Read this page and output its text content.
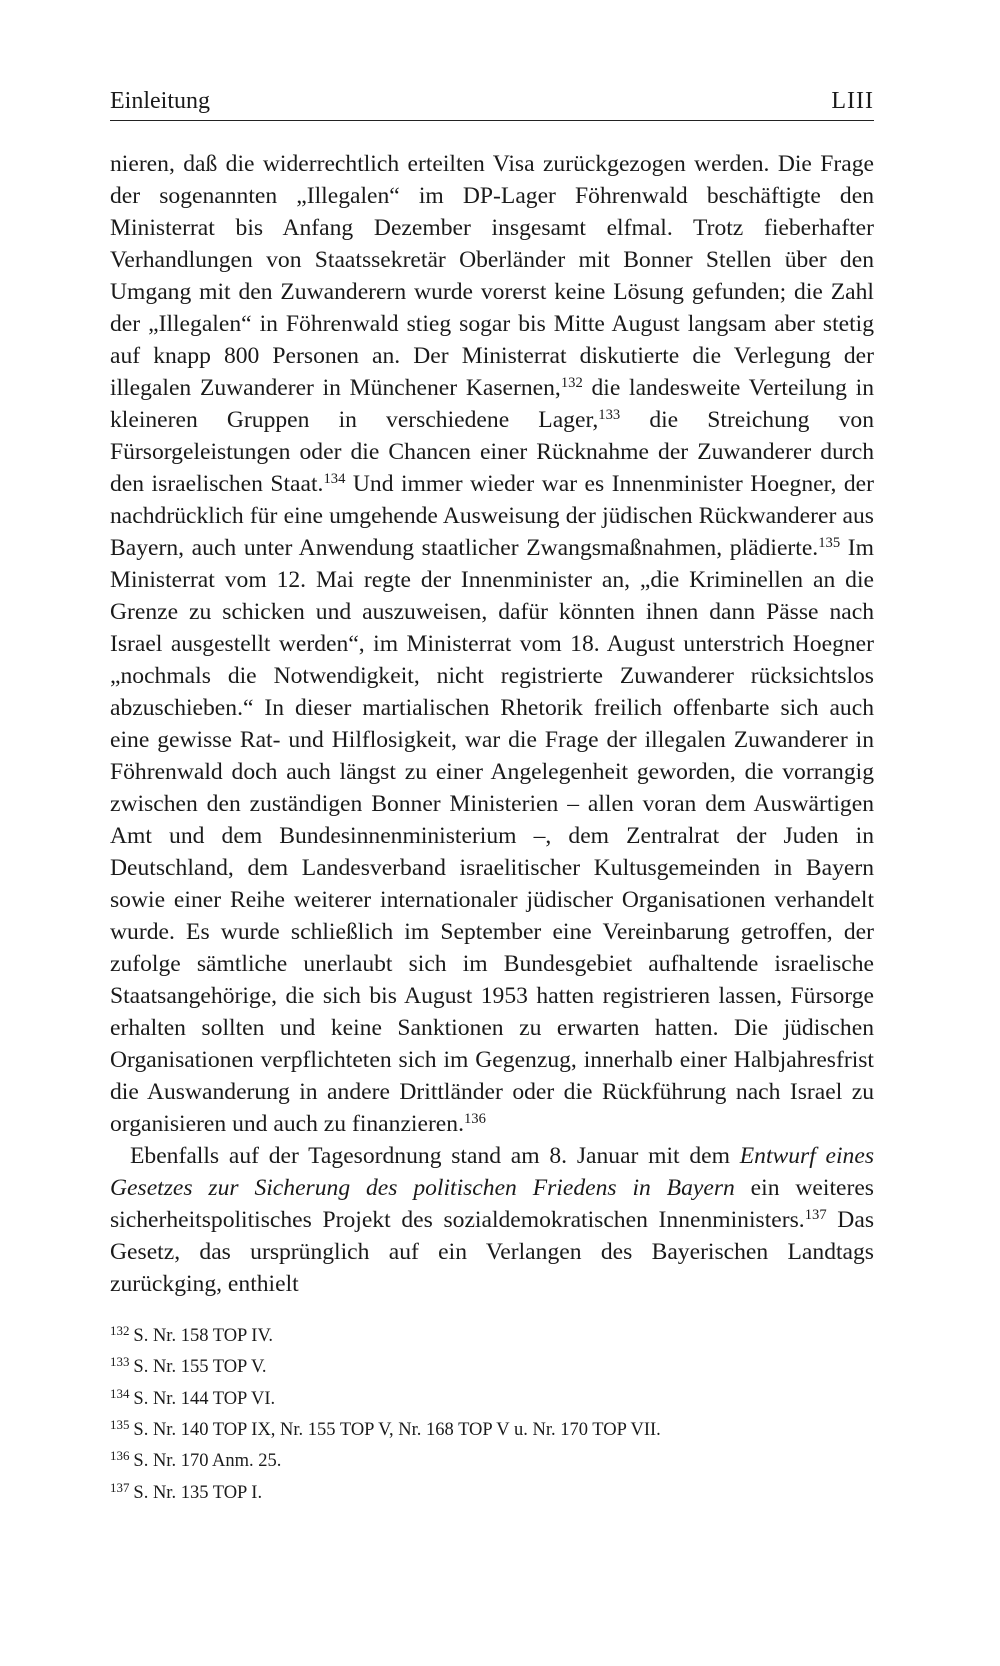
Einleitung	LIII

nieren, daß die widerrechtlich erteilten Visa zurückgezogen werden. Die Frage der sogenannten „Illegalen“ im DP-Lager Föhrenwald beschäftigte den Ministerrat bis Anfang Dezember insgesamt elfmal. Trotz fieberhafter Verhandlungen von Staatssekretär Oberländer mit Bonner Stellen über den Umgang mit den Zuwanderern wurde vorerst keine Lösung gefunden; die Zahl der „Illegalen“ in Föhrenwald stieg sogar bis Mitte August langsam aber stetig auf knapp 800 Personen an. Der Ministerrat diskutierte die Verlegung der illegalen Zuwanderer in Münchener Kasernen,$^{132}$ die landesweite Verteilung in kleineren Gruppen in verschiedene Lager,$^{133}$ die Streichung von Fürsorgeleistungen oder die Chancen einer Rücknahme der Zuwanderer durch den israelischen Staat.$^{134}$ Und immer wieder war es Innenminister Hoegner, der nachdrücklich für eine umgehende Ausweisung der jüdischen Rückwanderer aus Bayern, auch unter Anwendung staatlicher Zwangsmaßnahmen, plädierte.$^{135}$ Im Ministerrat vom 12. Mai regte der Innenminister an, „die Kriminellen an die Grenze zu schicken und auszuweisen, dafür könnten ihnen dann Pässe nach Israel ausgestellt werden“, im Ministerrat vom 18. August unterstrich Hoegner „nochmals die Notwendigkeit, nicht registrierte Zuwanderer rücksichtslos abzuschieben.“ In dieser martialischen Rhetorik freilich offenbarte sich auch eine gewisse Rat- und Hilflosigkeit, war die Frage der illegalen Zuwanderer in Föhrenwald doch auch längst zu einer Angelegenheit geworden, die vorrangig zwischen den zuständigen Bonner Ministerien – allen voran dem Auswärtigen Amt und dem Bundesinnenministerium –, dem Zentralrat der Juden in Deutschland, dem Landesverband israelitischer Kultusgemeinden in Bayern sowie einer Reihe weiterer internationaler jüdischer Organisationen verhandelt wurde. Es wurde schließlich im September eine Vereinbarung getroffen, der zufolge sämtliche unerlaubt sich im Bundesgebiet aufhaltende israelische Staatsangehörige, die sich bis August 1953 hatten registrieren lassen, Fürsorge erhalten sollten und keine Sanktionen zu erwarten hatten. Die jüdischen Organisationen verpflichteten sich im Gegenzug, innerhalb einer Halbjahresfrist die Auswanderung in andere Drittländer oder die Rückführung nach Israel zu organisieren und auch zu finanzieren.$^{136}$

Ebenfalls auf der Tagesordnung stand am 8. Januar mit dem Entwurf eines Gesetzes zur Sicherung des politischen Friedens in Bayern ein weiteres sicherheitspolitisches Projekt des sozialdemokratischen Innenministers.$^{137}$ Das Gesetz, das ursprünglich auf ein Verlangen des Bayerischen Landtags zurückging, enthielt

$^{132}$ S. Nr. 158 TOP IV.

$^{133}$ S. Nr. 155 TOP V.

$^{134}$ S. Nr. 144 TOP VI.

$^{135}$ S. Nr. 140 TOP IX, Nr. 155 TOP V, Nr. 168 TOP V u. Nr. 170 TOP VII.

$^{136}$ S. Nr. 170 Anm. 25.

$^{137}$ S. Nr. 135 TOP I.
